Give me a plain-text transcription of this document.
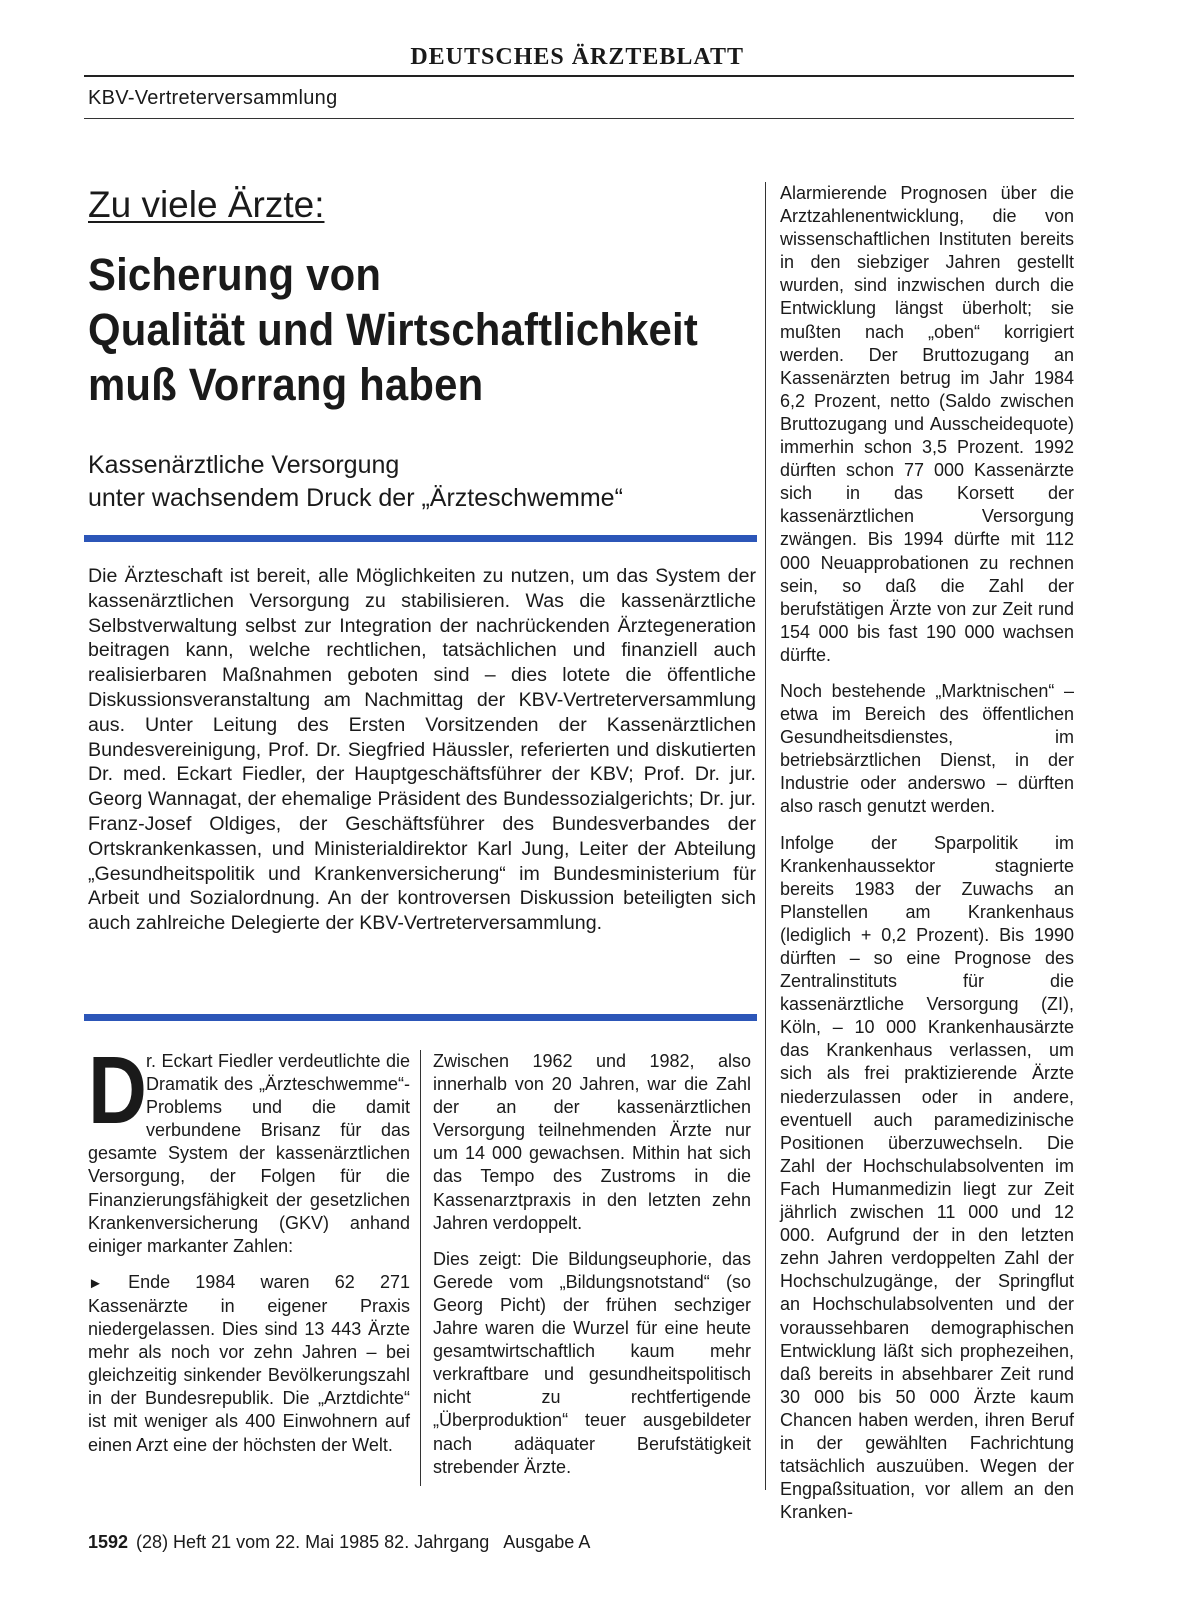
DEUTSCHES ÄRZTEBLATT
KBV-Vertreterversammlung
Zu viele Ärzte:
Sicherung von
Qualität und Wirtschaftlichkeit
muß Vorrang haben
Kassenärztliche Versorgung
unter wachsendem Druck der „Ärzteschwemme“
Die Ärzteschaft ist bereit, alle Möglichkeiten zu nutzen, um das System der kassenärztlichen Versorgung zu stabilisieren. Was die kassenärztliche Selbstverwaltung selbst zur Integration der nachrückenden Ärztegeneration beitragen kann, welche rechtlichen, tatsächlichen und finanziell auch realisierbaren Maßnahmen geboten sind – dies lotete die öffentliche Diskussionsveranstaltung am Nachmittag der KBV-Vertreterversammlung aus. Unter Leitung des Ersten Vorsitzenden der Kassenärztlichen Bundesvereinigung, Prof. Dr. Siegfried Häussler, referierten und diskutierten Dr. med. Eckart Fiedler, der Hauptgeschäftsführer der KBV; Prof. Dr. jur. Georg Wannagat, der ehemalige Präsident des Bundessozialgerichts; Dr. jur. Franz-Josef Oldiges, der Geschäftsführer des Bundesverbandes der Ortskrankenkassen, und Ministerialdirektor Karl Jung, Leiter der Abteilung „Gesundheitspolitik und Krankenversicherung“ im Bundesministerium für Arbeit und Sozialordnung. An der kontroversen Diskussion beteiligten sich auch zahlreiche Delegierte der KBV-Vertreterversammlung.

Dr. Eckart Fiedler verdeutlichte die Dramatik des „Ärzteschwemme“-Problems und die damit verbundene Brisanz für das gesamte System der kassenärztlichen Versorgung, der Folgen für die Finanzierungsfähigkeit der gesetzlichen Krankenversicherung (GKV) anhand einiger markanter Zahlen:

► Ende 1984 waren 62 271 Kassenärzte in eigener Praxis niedergelassen. Dies sind 13 443 Ärzte mehr als noch vor zehn Jahren – bei gleichzeitig sinkender Bevölkerungszahl in der Bundesrepublik. Die „Arztdichte“ ist mit weniger als 400 Einwohnern auf einen Arzt eine der höchsten der Welt.

Zwischen 1962 und 1982, also innerhalb von 20 Jahren, war die Zahl der an der kassenärztlichen Versorgung teilnehmenden Ärzte nur um 14 000 gewachsen. Mithin hat sich das Tempo des Zustroms in die Kassenarztpraxis in den letzten zehn Jahren verdoppelt.

Dies zeigt: Die Bildungseuphorie, das Gerede vom „Bildungsnotstand“ (so Georg Picht) der frühen sechziger Jahre waren die Wurzel für eine heute gesamtwirtschaftlich kaum mehr verkraftbare und gesundheitspolitisch nicht zu rechtfertigende „Überproduktion“ teuer ausgebildeter nach adäquater Berufstätigkeit strebender Ärzte.

Alarmierende Prognosen über die Arztzahlenentwicklung, die von wissenschaftlichen Instituten bereits in den siebziger Jahren gestellt wurden, sind inzwischen durch die Entwicklung längst überholt; sie mußten nach „oben“ korrigiert werden. Der Bruttozugang an Kassenärzten betrug im Jahr 1984 6,2 Prozent, netto (Saldo zwischen Bruttozugang und Ausscheidequote) immerhin schon 3,5 Prozent. 1992 dürften schon 77 000 Kassenärzte sich in das Korsett der kassenärztlichen Versorgung zwängen. Bis 1994 dürfte mit 112 000 Neuapprobationen zu rechnen sein, so daß die Zahl der berufstätigen Ärzte von zur Zeit rund 154 000 bis fast 190 000 wachsen dürfte.

Noch bestehende „Marktnischen“ – etwa im Bereich des öffentlichen Gesundheitsdienstes, im betriebsärztlichen Dienst, in der Industrie oder anderswo – dürften also rasch genutzt werden.

Infolge der Sparpolitik im Krankenhaussektor stagnierte bereits 1983 der Zuwachs an Planstellen am Krankenhaus (lediglich + 0,2 Prozent). Bis 1990 dürften – so eine Prognose des Zentralinstituts für die kassenärztliche Versorgung (ZI), Köln, – 10 000 Krankenhausärzte das Krankenhaus verlassen, um sich als frei praktizierende Ärzte niederzulassen oder in andere, eventuell auch paramedizinische Positionen überzuwechseln. Die Zahl der Hochschulabsolventen im Fach Humanmedizin liegt zur Zeit jährlich zwischen 11 000 und 12 000. Aufgrund der in den letzten zehn Jahren verdoppelten Zahl der Hochschulzugänge, der Springflut an Hochschulabsolventen und der voraussehbaren demographischen Entwicklung läßt sich prophezeihen, daß bereits in absehbarer Zeit rund 30 000 bis 50 000 Ärzte kaum Chancen haben werden, ihren Beruf in der gewählten Fachrichtung tatsächlich auszuüben. Wegen der Engpaßsituation, vor allem an den Kranken-

1592 (28) Heft 21 vom 22. Mai 1985 82. Jahrgang   Ausgabe A
